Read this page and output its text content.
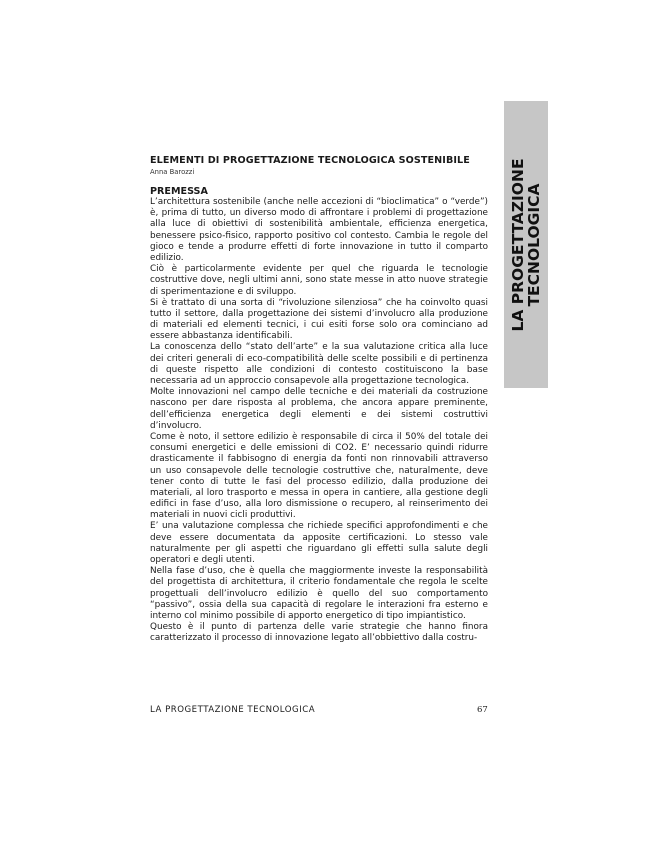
LA PROGETTAZIONE
TECNOLOGICA
ELEMENTI DI PROGETTAZIONE TECNOLOGICA SOSTENIBILE
Anna Barozzi
PREMESSA

L’architettura sostenibile (anche nelle accezioni di “bioclimatica” o “verde”) è, prima di tutto, un diverso modo di affrontare i problemi di progettazione alla luce di obiettivi di sostenibilità ambientale, efficienza energetica, benessere psico-fisico, rapporto positivo col contesto. Cambia le regole del gioco e tende a produrre effetti di forte innovazione in tutto il comparto edilizio.

Ciò è particolarmente evidente per quel che riguarda le tecnologie costruttive dove, negli ultimi anni, sono state messe in atto nuove strategie di sperimentazione e di sviluppo.

Si è trattato di una sorta di “rivoluzione silenziosa” che ha coinvolto quasi tutto il settore, dalla progettazione dei sistemi d’involucro alla produzione di materiali ed elementi tecnici, i cui esiti forse solo ora cominciano ad essere abbastanza identificabili.

La conoscenza dello “stato dell’arte” e la sua valutazione critica alla luce dei criteri generali di eco-compatibilità delle scelte possibili e di pertinenza di queste rispetto alle condizioni di contesto costituiscono la base necessaria ad un approccio consapevole alla progettazione tecnologica.

Molte innovazioni nel campo delle tecniche e dei materiali da costruzione nascono per dare risposta al problema, che ancora appare preminente, dell’efficienza energetica degli elementi e dei sistemi costruttivi d’involucro.

Come è noto, il settore edilizio è responsabile di circa il 50% del totale dei consumi energetici e delle emissioni di CO2. E’ necessario quindi ridurre drasticamente il fabbisogno di energia da fonti non rinnovabili attraverso un uso consapevole delle tecnologie costruttive che, naturalmente, deve tener conto di tutte le fasi del processo edilizio, dalla produzione dei materiali, al loro trasporto e messa in opera in cantiere, alla gestione degli edifici in fase d’uso, alla loro dismissione o recupero, al reinserimento dei materiali in nuovi cicli produttivi.

E’ una valutazione complessa che richiede specifici approfondimenti e che deve essere documentata da apposite certificazioni. Lo stesso vale naturalmente per gli aspetti che riguardano gli effetti sulla salute degli operatori e degli utenti.

Nella fase d’uso, che è quella che maggiormente investe la responsabilità del progettista di architettura, il criterio fondamentale che regola le scelte progettuali dell’involucro edilizio è quello del suo comportamento “passivo”, ossia della sua capacità di regolare le interazioni fra esterno e interno col minimo possibile di apporto energetico di tipo impiantistico.

Questo è il punto di partenza delle varie strategie che hanno finora caratterizzato il processo di innovazione legato all’obbiettivo dalla costru-

LA PROGETTAZIONE TECNOLOGICA	67
